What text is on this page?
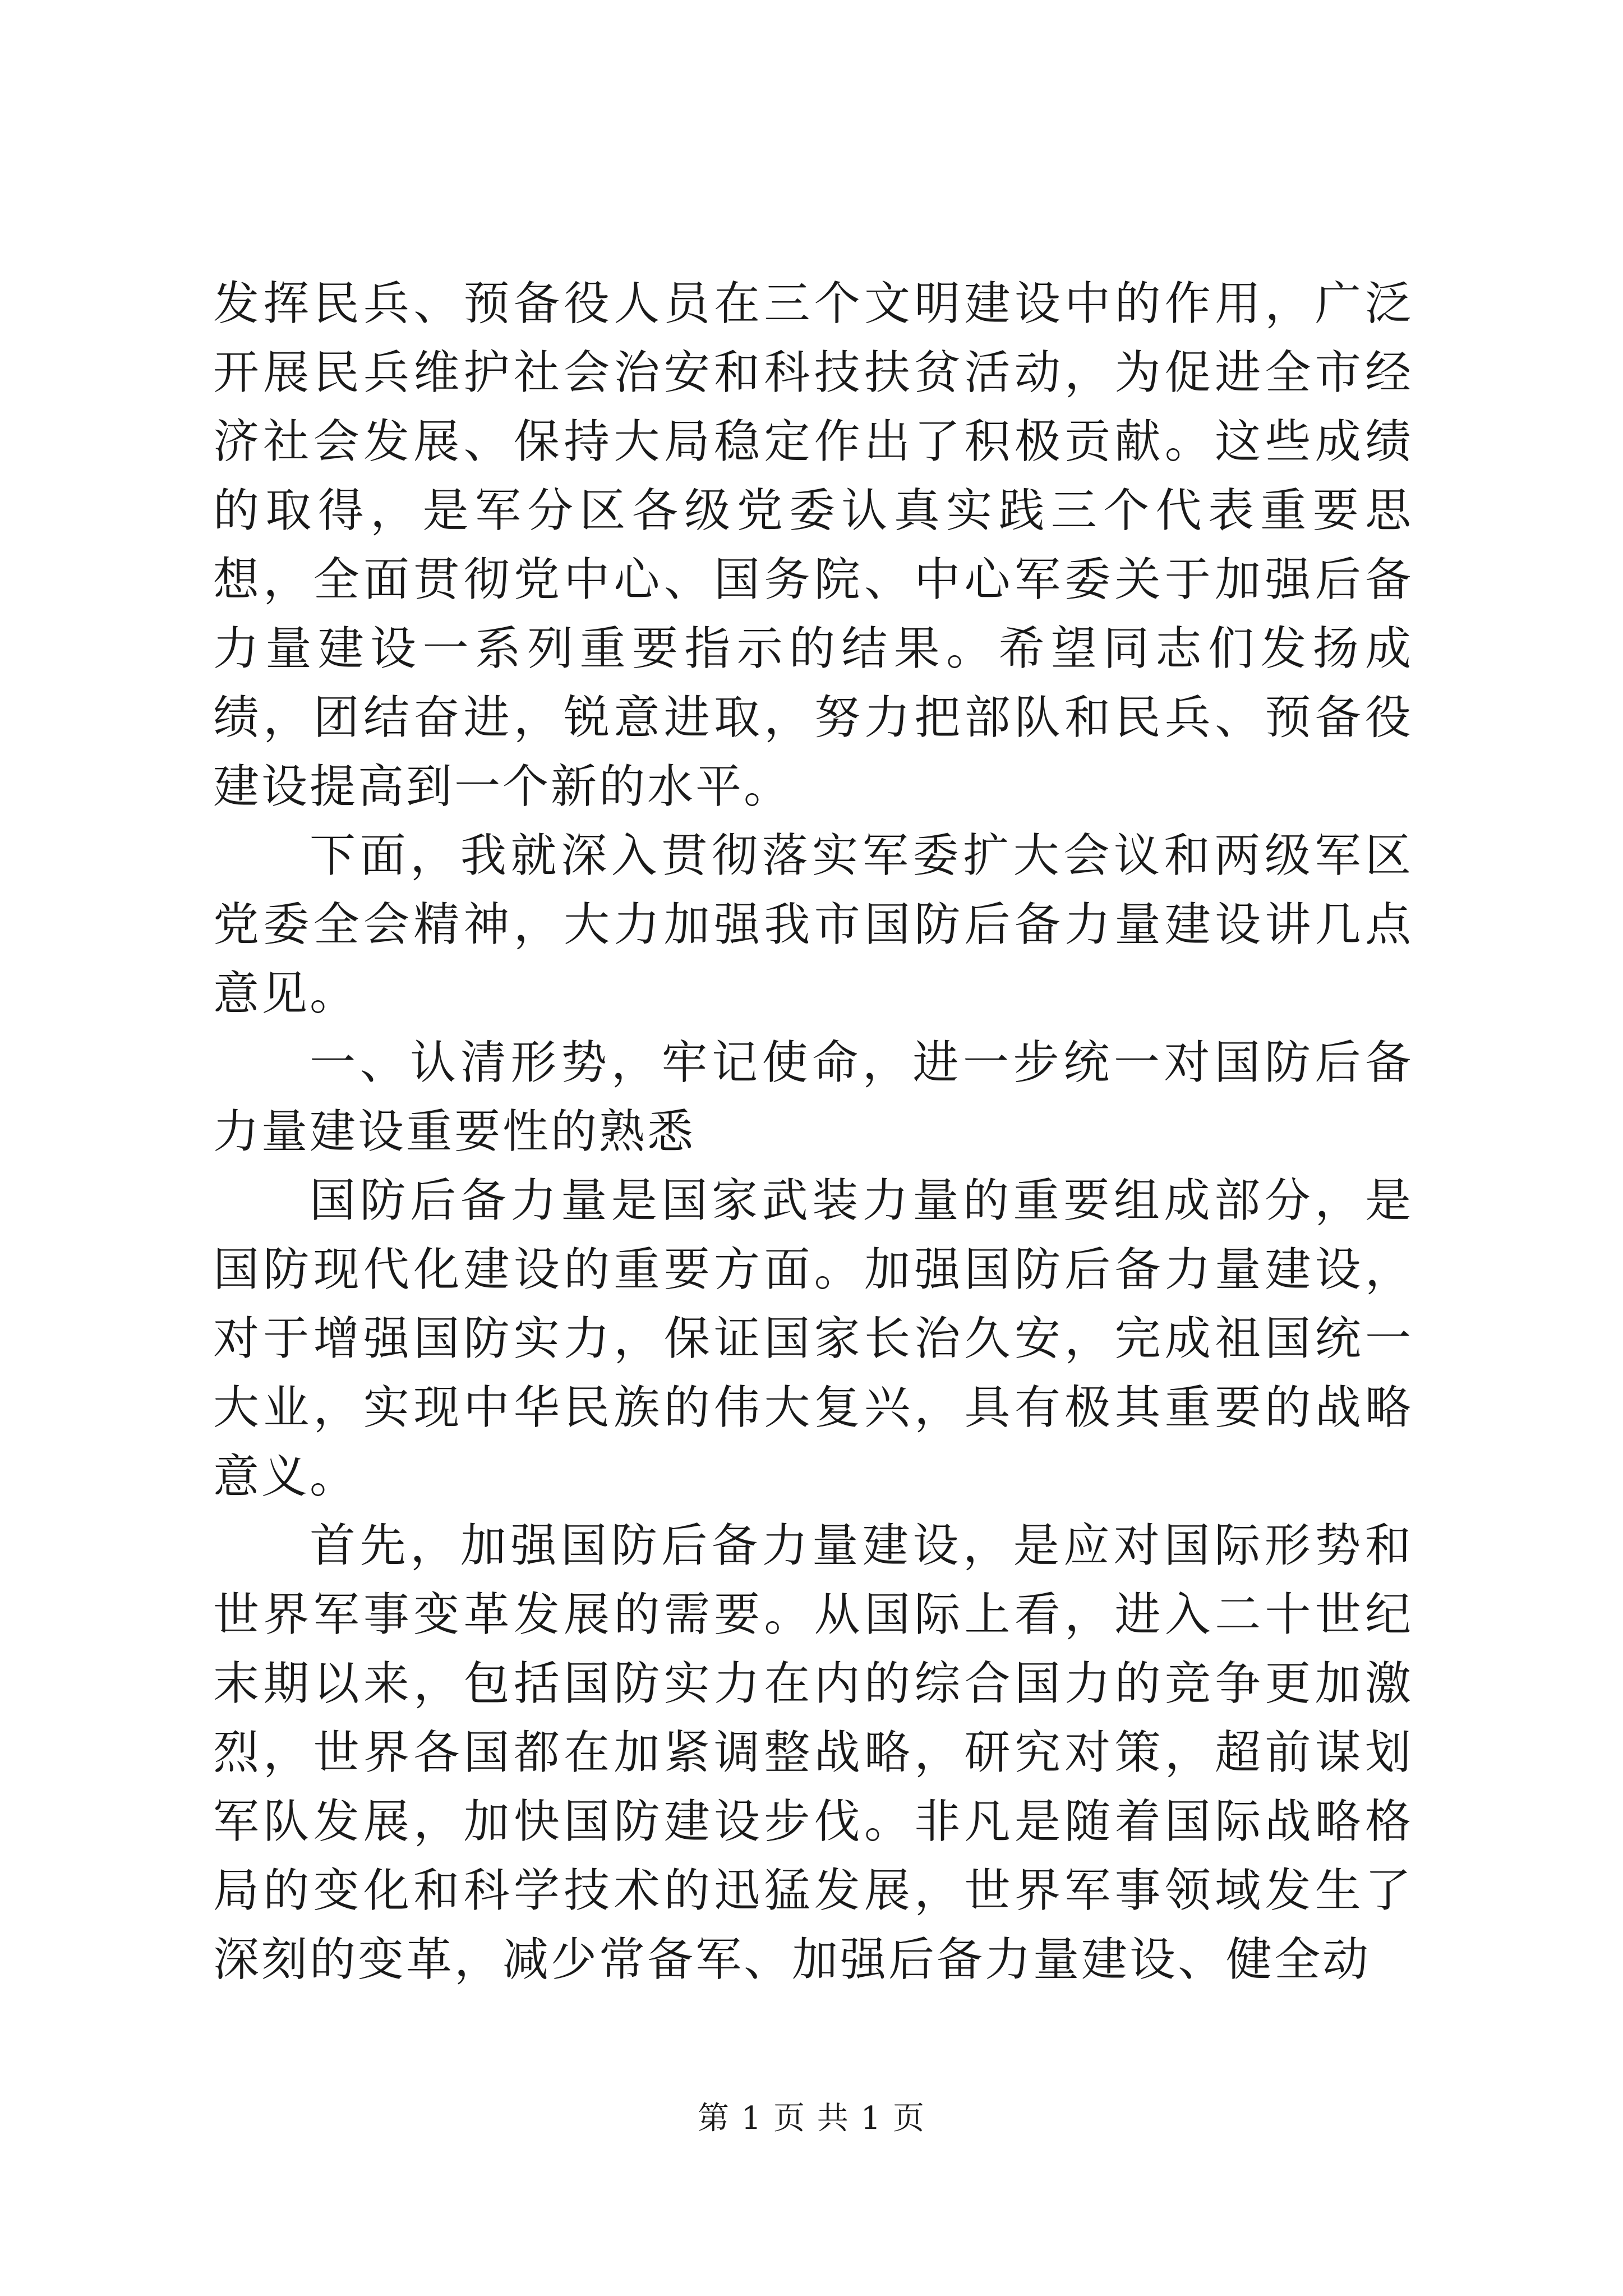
发挥民兵、预备役人员在三个文明建设中的作用，广泛开展民兵维护社会治安和科技扶贫活动，为促进全市经济社会发展、保持大局稳定作出了积极贡献。这些成绩的取得，是军分区各级党委认真实践三个代表重要思想，全面贯彻党中心、国务院、中心军委关于加强后备力量建设一系列重要指示的结果。希望同志们发扬成绩，团结奋进，锐意进取，努力把部队和民兵、预备役建设提高到一个新的水平。

下面，我就深入贯彻落实军委扩大会议和两级军区党委全会精神，大力加强我市国防后备力量建设讲几点意见。

一、认清形势，牢记使命，进一步统一对国防后备力量建设重要性的熟悉

国防后备力量是国家武装力量的重要组成部分，是国防现代化建设的重要方面。加强国防后备力量建设，对于增强国防实力，保证国家长治久安，完成祖国统一大业，实现中华民族的伟大复兴，具有极其重要的战略意义。

首先，加强国防后备力量建设，是应对国际形势和世界军事变革发展的需要。从国际上看，进入二十世纪末期以来，包括国防实力在内的综合国力的竞争更加激烈，世界各国都在加紧调整战略，研究对策，超前谋划军队发展，加快国防建设步伐。非凡是随着国际战略格局的变化和科学技术的迅猛发展，世界军事领域发生了深刻的变革，减少常备军、加强后备力量建设、健全动

第 1 页 共 1 页
